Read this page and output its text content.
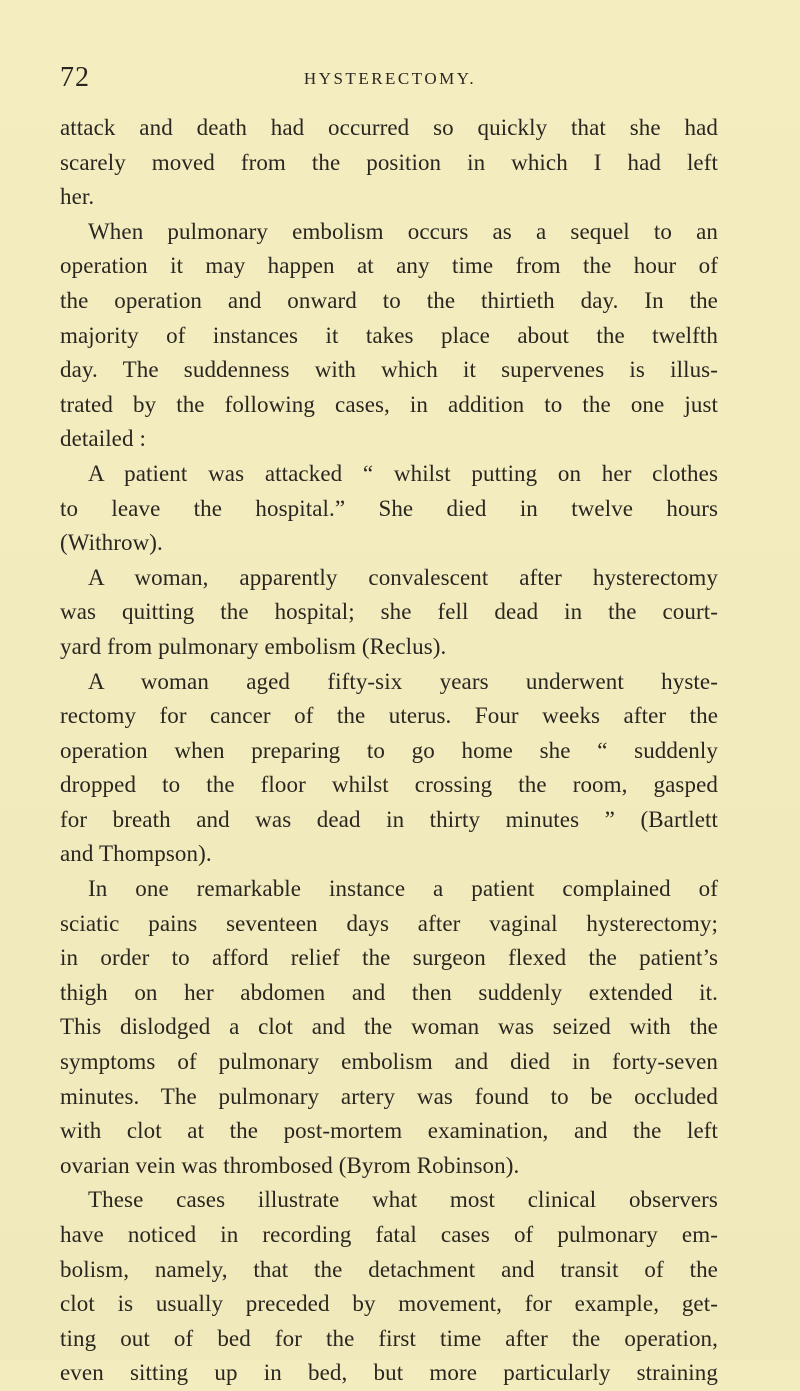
72	HYSTERECTOMY.
attack and death had occurred so quickly that she had
scarely moved from the position in which I had left
her.
When pulmonary embolism occurs as a sequel to an
operation it may happen at any time from the hour of
the operation and onward to the thirtieth day. In the
majority of instances it takes place about the twelfth
day. The suddenness with which it supervenes is illus-
trated by the following cases, in addition to the one just
detailed :
A patient was attacked “ whilst putting on her clothes
to leave the hospital.” She died in twelve hours
(Withrow).
A woman, apparently convalescent after hysterectomy
was quitting the hospital; she fell dead in the court-
yard from pulmonary embolism (Reclus).
A woman aged fifty-six years underwent hyste-
rectomy for cancer of the uterus. Four weeks after the
operation when preparing to go home she “ suddenly
dropped to the floor whilst crossing the room, gasped
for breath and was dead in thirty minutes ” (Bartlett
and Thompson).
In one remarkable instance a patient complained of
sciatic pains seventeen days after vaginal hysterectomy;
in order to afford relief the surgeon flexed the patient’s
thigh on her abdomen and then suddenly extended it.
This dislodged a clot and the woman was seized with the
symptoms of pulmonary embolism and died in forty-seven
minutes. The pulmonary artery was found to be occluded
with clot at the post-mortem examination, and the left
ovarian vein was thrombosed (Byrom Robinson).
These cases illustrate what most clinical observers
have noticed in recording fatal cases of pulmonary em-
bolism, namely, that the detachment and transit of the
clot is usually preceded by movement, for example, get-
ting out of bed for the first time after the operation,
even sitting up in bed, but more particularly straining
